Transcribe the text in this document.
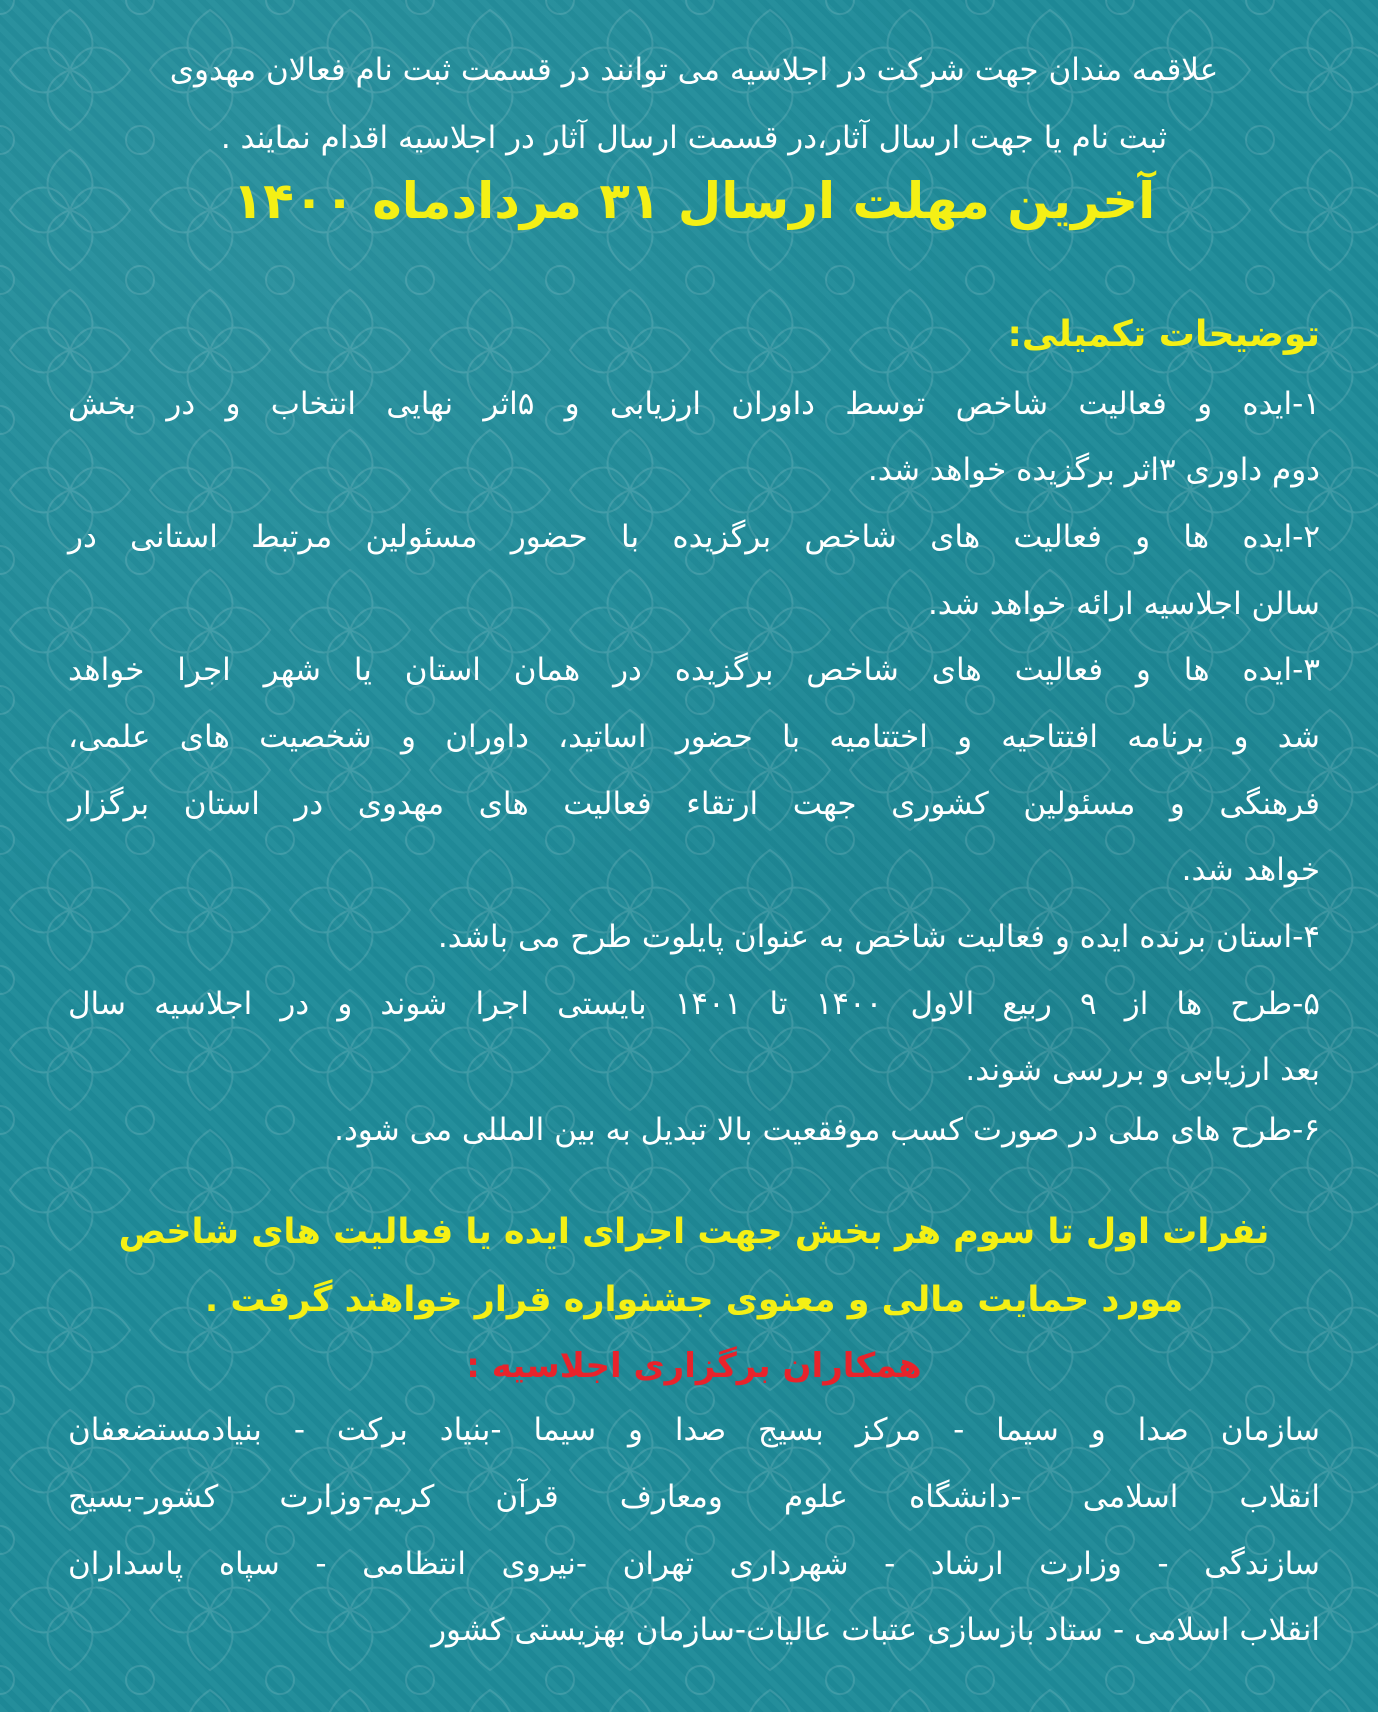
علاقمه مندان جهت شرکت در اجلاسیه می توانند در قسمت ثبت نام فعالان مهدوی
ثبت نام یا جهت ارسال آثار،در قسمت ارسال آثار در اجلاسیه اقدام نمایند .
آخرین مهلت ارسال ۳۱ مردادماه ۱۴۰۰
توضیحات تکمیلی:
۱-ایده و فعالیت شاخص توسط داوران ارزیابی و ۵اثر نهایی انتخاب و در بخش
دوم داوری ۳اثر برگزیده خواهد شد.
۲-ایده ها و فعالیت های شاخص برگزیده با حضور مسئولین مرتبط استانی در
سالن اجلاسیه ارائه خواهد شد.
۳-ایده ها و فعالیت های شاخص برگزیده در همان استان یا شهر اجرا خواهد
شد و برنامه افتتاحیه و اختتامیه با حضور اساتید، داوران و شخصیت های علمی،
فرهنگی و مسئولین کشوری جهت ارتقاء فعالیت های مهدوی در استان برگزار
خواهد شد.
۴-استان برنده ایده و فعالیت شاخص به عنوان پایلوت طرح می باشد.
۵-طرح ها از ۹ ربیع الاول ۱۴۰۰ تا ۱۴۰۱ بایستی اجرا شوند و در اجلاسیه سال
بعد ارزیابی و بررسی شوند.
۶-طرح های ملی در صورت کسب موفقعیت بالا تبدیل به بین المللی می شود.
نفرات اول تا سوم هر بخش جهت اجرای ایده یا فعالیت های شاخص
مورد حمایت مالی و معنوی جشنواره قرار خواهند گرفت .
همکاران برگزاری اجلاسیه :
سازمان صدا و سیما - مرکز بسیج صدا و سیما -بنیاد برکت - بنیادمستضعفان
انقلاب اسلامی -دانشگاه علوم ومعارف قرآن کریم-وزارت کشور-بسیج
سازندگی - وزارت ارشاد - شهرداری تهران -نیروی انتظامی - سپاه پاسداران
انقلاب اسلامی - ستاد بازسازی عتبات عالیات-سازمان بهزیستی کشور
